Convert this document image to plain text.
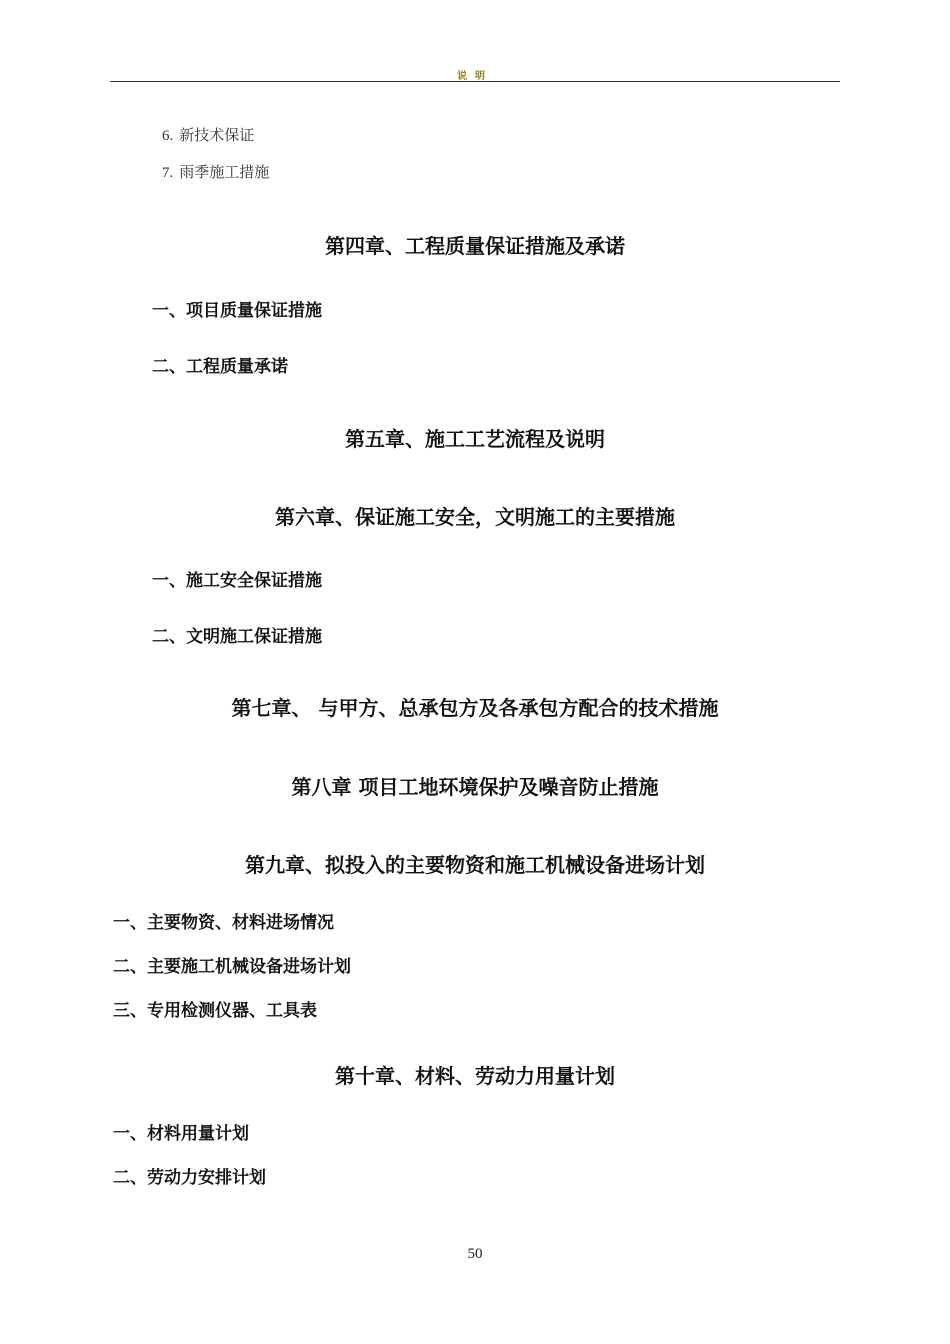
说明
6. 新技术保证
7. 雨季施工措施
第四章、工程质量保证措施及承诺
一、项目质量保证措施
二、工程质量承诺
第五章、施工工艺流程及说明
第六章、保证施工安全，文明施工的主要措施
一、施工安全保证措施
二、文明施工保证措施
第七章、 与甲方、总承包方及各承包方配合的技术措施
第八章 项目工地环境保护及噪音防止措施
第九章、拟投入的主要物资和施工机械设备进场计划
一、主要物资、材料进场情况
二、主要施工机械设备进场计划
三、专用检测仪器、工具表
第十章、材料、劳动力用量计划
一、材料用量计划
二、劳动力安排计划
50
